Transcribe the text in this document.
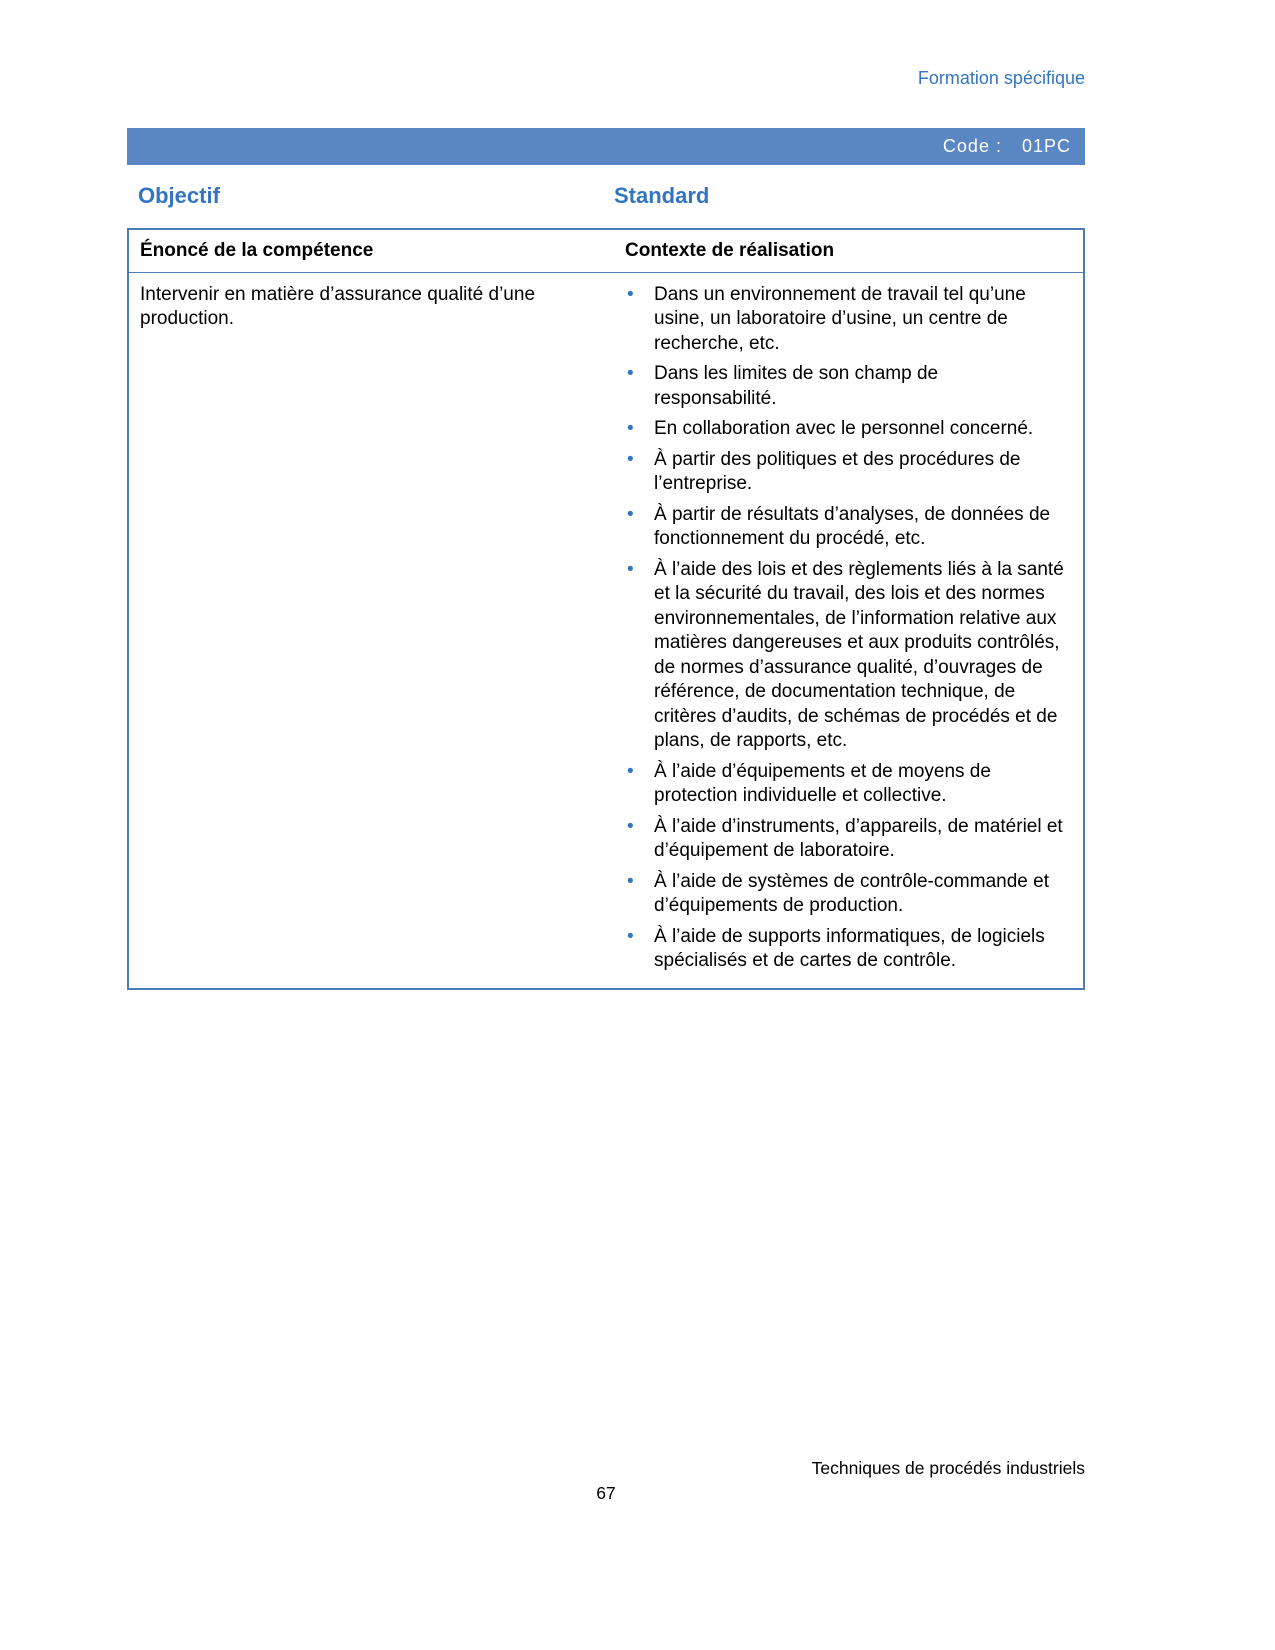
Formation spécifique
Code : 01PC
Objectif	Standard
Énoncé de la compétence	Contexte de réalisation
Intervenir en matière d’assurance qualité d’une production.
•	Dans un environnement de travail tel qu’une usine, un laboratoire d’usine, un centre de recherche, etc.
•	Dans les limites de son champ de responsabilité.
•	En collaboration avec le personnel concerné.
•	À partir des politiques et des procédures de l’entreprise.
•	À partir de résultats d’analyses, de données de fonctionnement du procédé, etc.
•	À l’aide des lois et des règlements liés à la santé et la sécurité du travail, des lois et des normes environnementales, de l’information relative aux matières dangereuses et aux produits contrôlés, de normes d’assurance qualité, d’ouvrages de référence, de documentation technique, de critères d’audits, de schémas de procédés et de plans, de rapports, etc.
•	À l’aide d’équipements et de moyens de protection individuelle et collective.
•	À l’aide d’instruments, d’appareils, de matériel et d’équipement de laboratoire.
•	À l’aide de systèmes de contrôle-commande et d’équipements de production.
•	À l’aide de supports informatiques, de logiciels spécialisés et de cartes de contrôle.
Techniques de procédés industriels
67
